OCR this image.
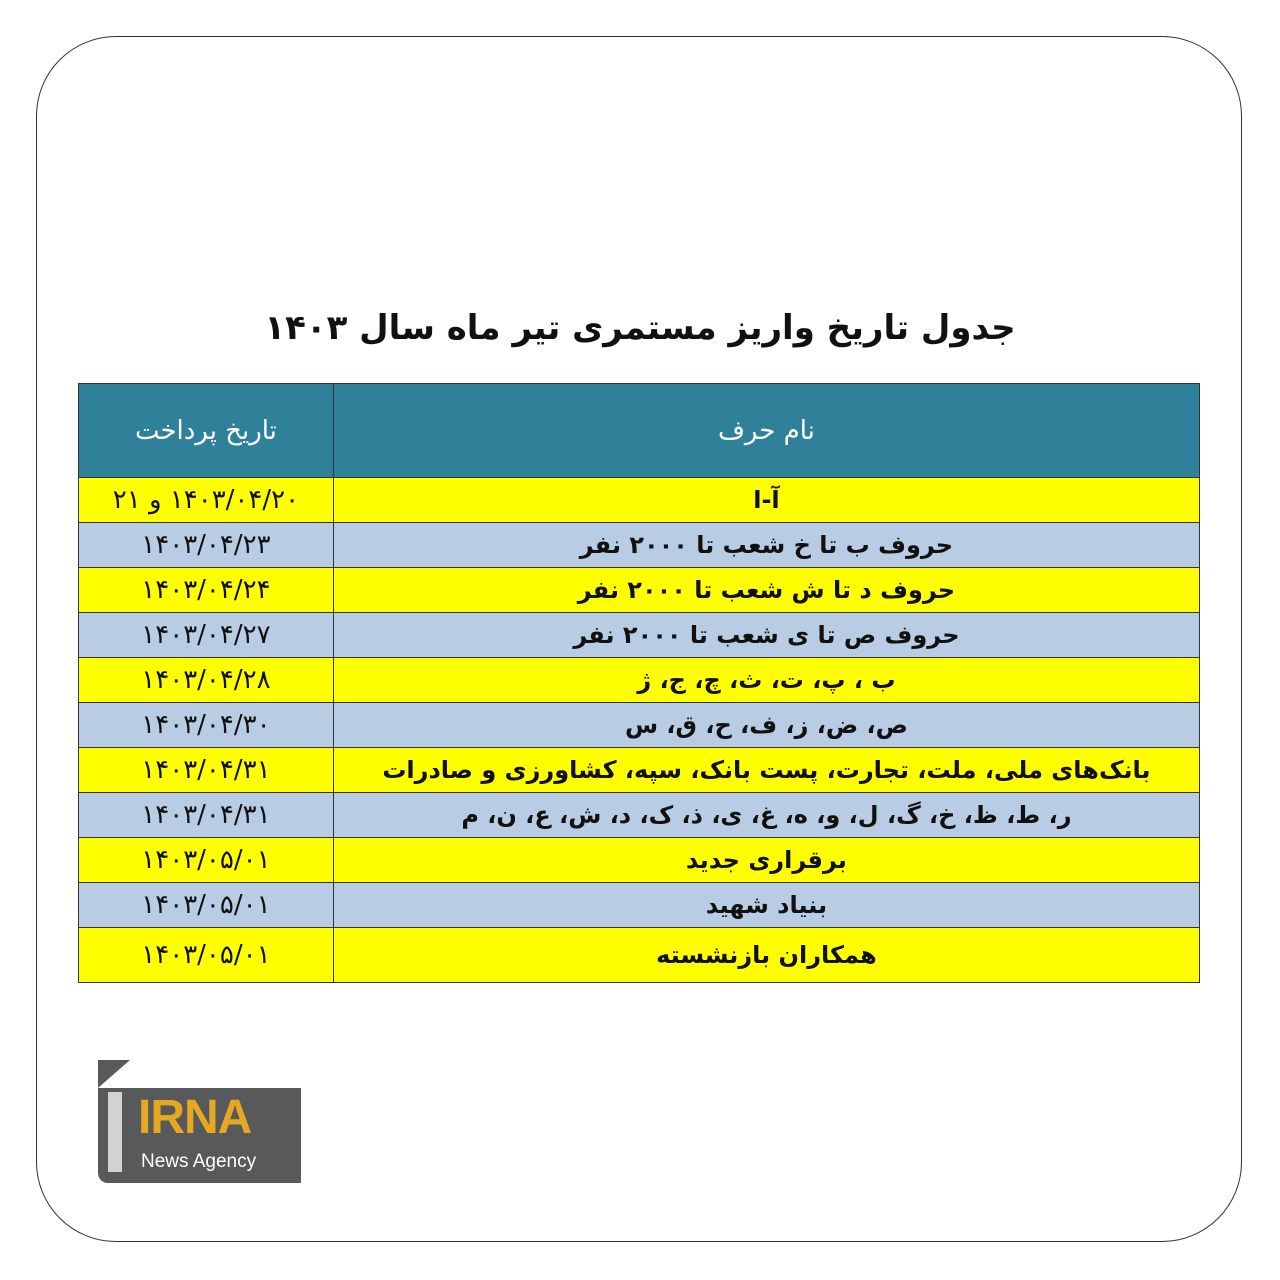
جدول تاریخ واریز مستمری تیر ماه سال ۱۴۰۳
نام حرف	تاریخ پرداخت
آ-ا	۱۴۰۳/۰۴/۲۰ و ۲۱
حروف ب تا خ شعب تا ۲۰۰۰ نفر	۱۴۰۳/۰۴/۲۳
حروف د تا ش شعب تا ۲۰۰۰ نفر	۱۴۰۳/۰۴/۲۴
حروف ص تا ی شعب تا ۲۰۰۰ نفر	۱۴۰۳/۰۴/۲۷
ب ، پ، ت، ث، چ، ج، ژ	۱۴۰۳/۰۴/۲۸
ص، ض، ز، ف، ح، ق، س	۱۴۰۳/۰۴/۳۰
بانک‌های ملی، ملت، تجارت، پست بانک، سپه، کشاورزی و صادرات	۱۴۰۳/۰۴/۳۱
ر، ط، ظ، خ، گ، ل، و، ه، غ، ی، ذ، ک، د، ش، ع، ن، م	۱۴۰۳/۰۴/۳۱
برقراری جدید	۱۴۰۳/۰۵/۰۱
بنیاد شهید	۱۴۰۳/۰۵/۰۱
همکاران بازنشسته	۱۴۰۳/۰۵/۰۱
IRNA
News Agency
